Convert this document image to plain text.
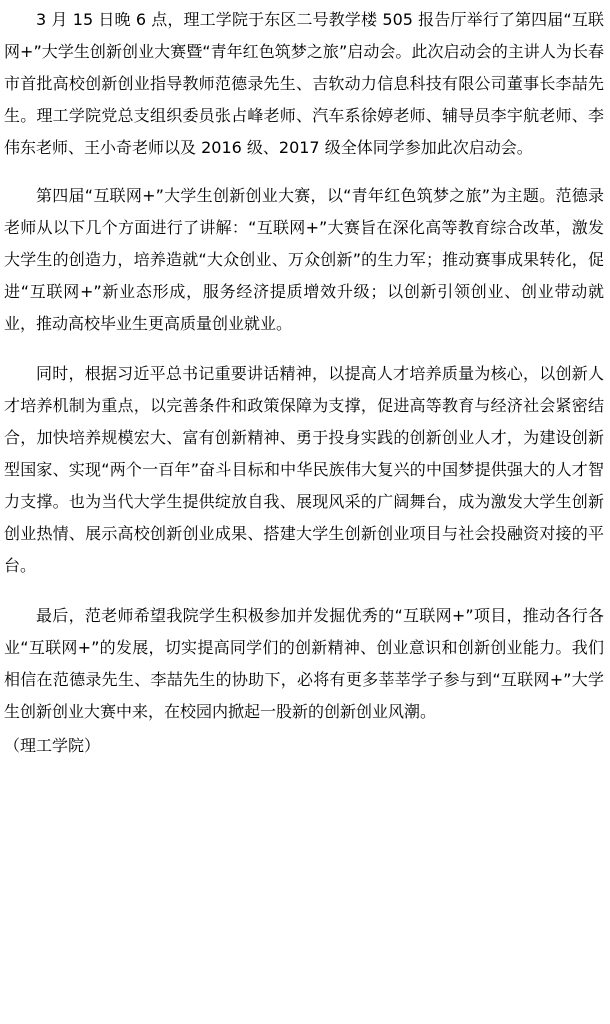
3 月 15 日晚 6 点，理工学院于东区二号教学楼 505 报告厅举行了第四届“互联网+”大学生创新创业大赛暨“青年红色筑梦之旅”启动会。此次启动会的主讲人为长春市首批高校创新创业指导教师范德录先生、吉软动力信息科技有限公司董事长李喆先生。理工学院党总支组织委员张占峰老师、汽车系徐婷老师、辅导员李宇航老师、李伟东老师、王小奇老师以及 2016 级、2017 级全体同学参加此次启动会。

第四届“互联网+”大学生创新创业大赛，以“青年红色筑梦之旅”为主题。范德录老师从以下几个方面进行了讲解：“互联网+”大赛旨在深化高等教育综合改革，激发大学生的创造力，培养造就“大众创业、万众创新”的生力军；推动赛事成果转化，促进“互联网+”新业态形成，服务经济提质增效升级；以创新引领创业、创业带动就业，推动高校毕业生更高质量创业就业。

同时，根据习近平总书记重要讲话精神，以提高人才培养质量为核心，以创新人才培养机制为重点，以完善条件和政策保障为支撑，促进高等教育与经济社会紧密结合，加快培养规模宏大、富有创新精神、勇于投身实践的创新创业人才，为建设创新型国家、实现“两个一百年”奋斗目标和中华民族伟大复兴的中国梦提供强大的人才智力支撑。也为当代大学生提供绽放自我、展现风采的广阔舞台，成为激发大学生创新创业热情、展示高校创新创业成果、搭建大学生创新创业项目与社会投融资对接的平台。

最后，范老师希望我院学生积极参加并发掘优秀的“互联网+”项目，推动各行各业“互联网+”的发展，切实提高同学们的创新精神、创业意识和创新创业能力。我们相信在范德录先生、李喆先生的协助下，必将有更多莘莘学子参与到“互联网+”大学生创新创业大赛中来，在校园内掀起一股新的创新创业风潮。

（理工学院）
